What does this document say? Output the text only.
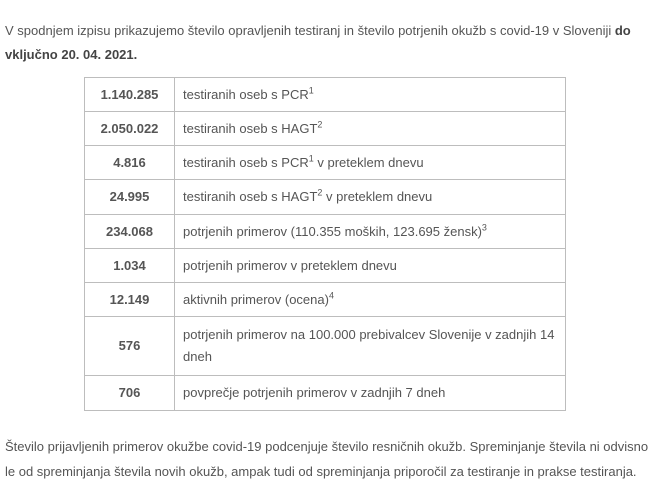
V spodnjem izpisu prikazujemo število opravljenih testiranj in število potrjenih okužb s covid-19 v Sloveniji do vključno 20. 04. 2021.

1.140.285	testiranih oseb s PCR$^1$
2.050.022	testiranih oseb s HAGT$^2$
4.816	testiranih oseb s PCR$^1$ v preteklem dnevu
24.995	testiranih oseb s HAGT$^2$ v preteklem dnevu
234.068	potrjenih primerov (110.355 moških, 123.695 žensk)$^3$
1.034	potrjenih primerov v preteklem dnevu
12.149	aktivnih primerov (ocena)$^4$
576	potrjenih primerov na 100.000 prebivalcev Slovenije v zadnjih 14 dneh
706	povprečje potrjenih primerov v zadnjih 7 dneh

Število prijavljenih primerov okužbe covid-19 podcenjuje število resničnih okužb. Spreminjanje števila ni odvisno le od spreminjanja števila novih okužb, ampak tudi od spreminjanja priporočil za testiranje in prakse testiranja.
